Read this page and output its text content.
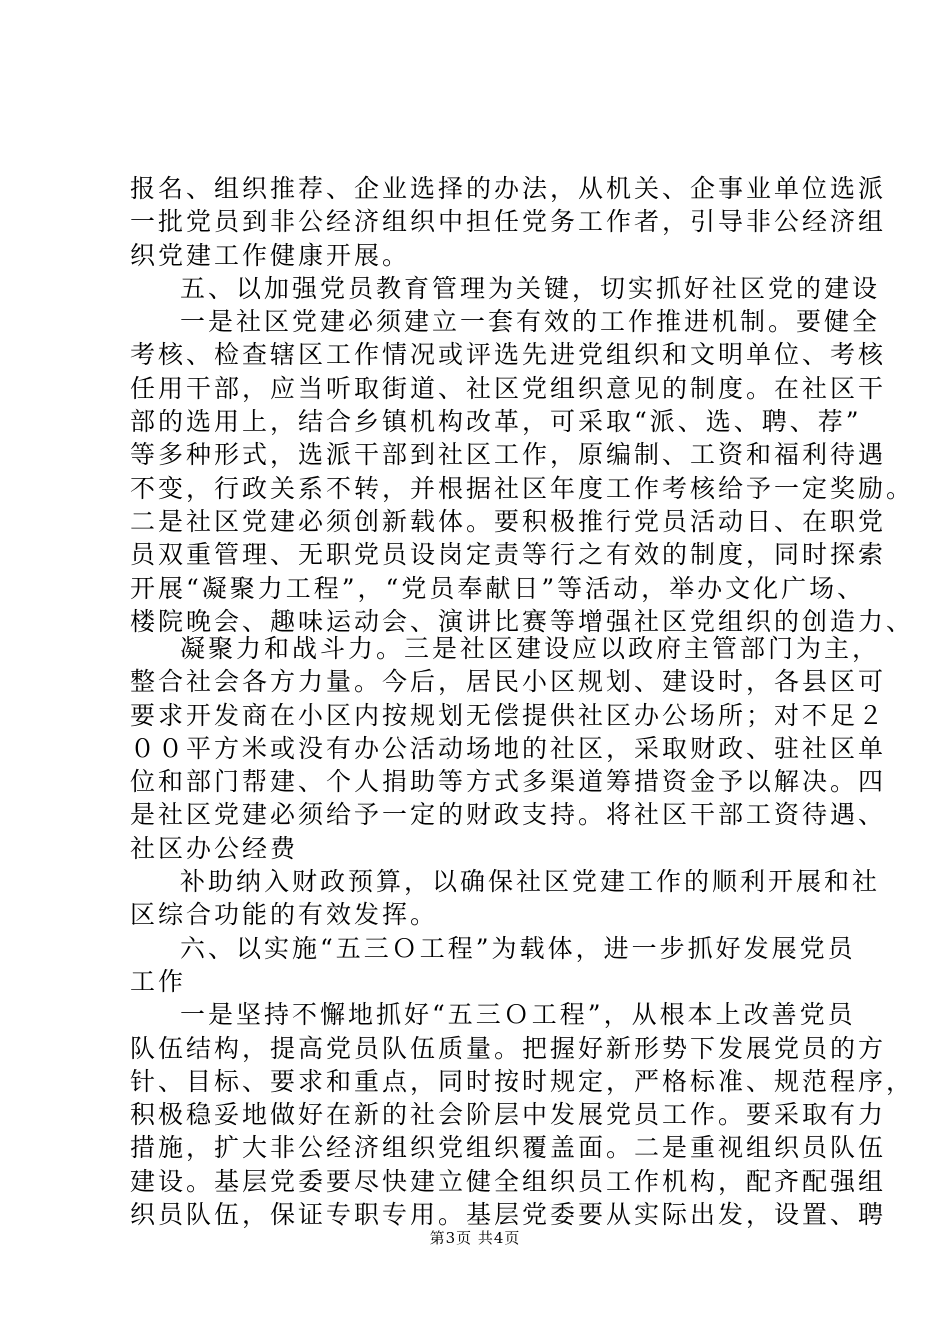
报名、组织推荐、企业选择的办法，从机关、企事业单位选派
一批党员到非公经济组织中担任党务工作者，引导非公经济组
织党建工作健康开展。
五、以加强党员教育管理为关键，切实抓好社区党的建设
一是社区党建必须建立一套有效的工作推进机制。要健全
考核、检查辖区工作情况或评选先进党组织和文明单位、考核
任用干部，应当听取街道、社区党组织意见的制度。在社区干
部的选用上，结合乡镇机构改革，可采取“派、选、聘、荐”
等多种形式，选派干部到社区工作，原编制、工资和福利待遇
不变，行政关系不转，并根据社区年度工作考核给予一定奖励。
二是社区党建必须创新载体。要积极推行党员活动日、在职党
员双重管理、无职党员设岗定责等行之有效的制度，同时探索
开展“凝聚力工程”，“党员奉献日”等活动，举办文化广场、
楼院晚会、趣味运动会、演讲比赛等增强社区党组织的创造力、
凝聚力和战斗力。三是社区建设应以政府主管部门为主，
整合社会各方力量。今后，居民小区规划、建设时，各县区可
要求开发商在小区内按规划无偿提供社区办公场所；对不足２
００平方米或没有办公活动场地的社区，采取财政、驻社区单
位和部门帮建、个人捐助等方式多渠道筹措资金予以解决。四
是社区党建必须给予一定的财政支持。将社区干部工资待遇、
社区办公经费
补助纳入财政预算，以确保社区党建工作的顺利开展和社
区综合功能的有效发挥。
六、以实施“五三Ｏ工程”为载体，进一步抓好发展党员
工作
一是坚持不懈地抓好“五三Ｏ工程”，从根本上改善党员
队伍结构，提高党员队伍质量。把握好新形势下发展党员的方
针、目标、要求和重点，同时按时规定，严格标准、规范程序，
积极稳妥地做好在新的社会阶层中发展党员工作。要采取有力
措施，扩大非公经济组织党组织覆盖面。二是重视组织员队伍
建设。基层党委要尽快建立健全组织员工作机构，配齐配强组
织员队伍，保证专职专用。基层党委要从实际出发，设置、聘
第3页 共4页
